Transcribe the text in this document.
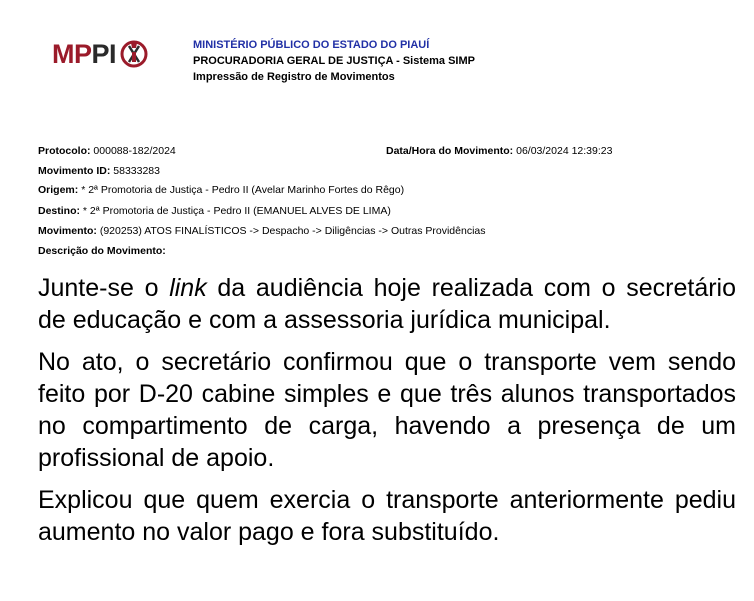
MPPI	MINISTÉRIO PÚBLICO DO ESTADO DO PIAUÍ
PROCURADORIA GERAL DE JUSTIÇA - Sistema SIMP
Impressão de Registro de Movimentos
Protocolo: 000088-182/2024	Data/Hora do Movimento: 06/03/2024 12:39:23
Movimento ID: 58333283
Origem: * 2ª Promotoria de Justiça - Pedro II (Avelar Marinho Fortes do Rêgo)
Destino: * 2ª Promotoria de Justiça - Pedro II (EMANUEL ALVES DE LIMA)
Movimento: (920253) ATOS FINALÍSTICOS -> Despacho -> Diligências -> Outras Providências
Descrição do Movimento:

Junte-se o link da audiência hoje realizada com o secretário de educação e com a assessoria jurídica municipal.

No ato, o secretário confirmou que o transporte vem sendo feito por D-20 cabine simples e que três alunos transportados no compartimento de carga, havendo a presença de um profissional de apoio.

Explicou que quem exercia o transporte anteriormente pediu aumento no valor pago e fora substituído.
